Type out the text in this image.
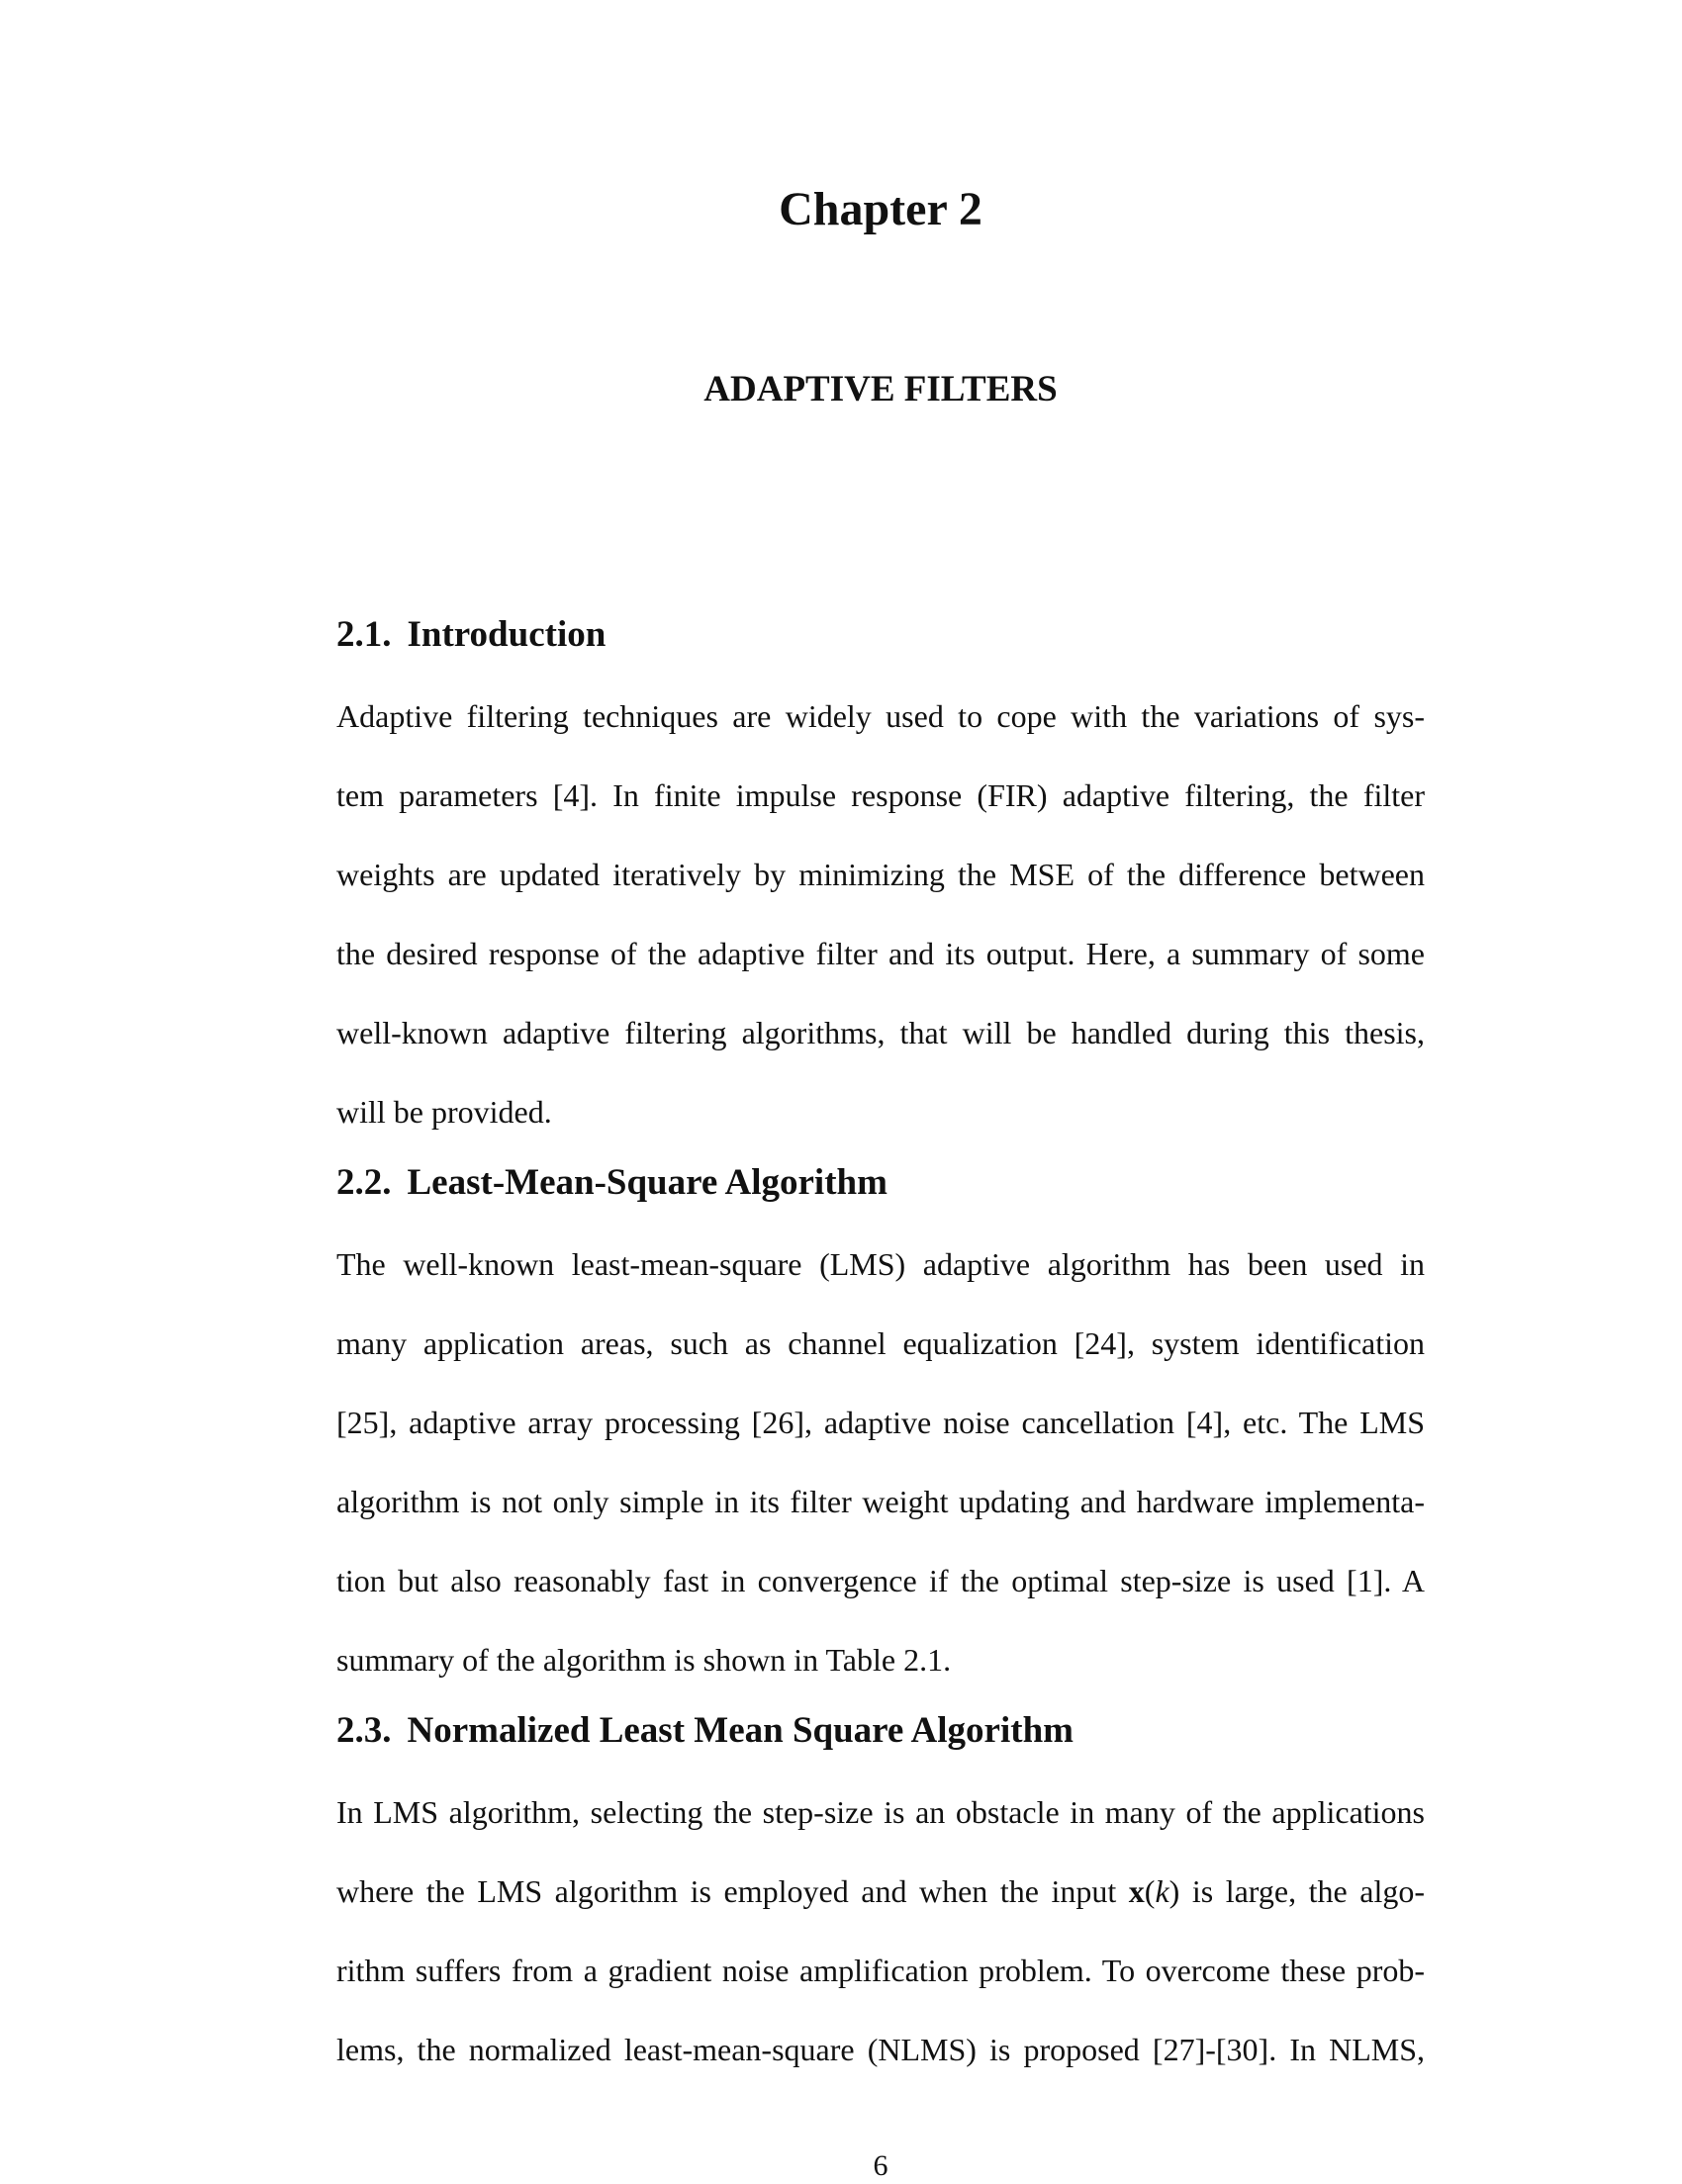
Chapter 2
ADAPTIVE FILTERS
2.1. Introduction
Adaptive filtering techniques are widely used to cope with the variations of sys-
tem parameters [4]. In finite impulse response (FIR) adaptive filtering, the filter
weights are updated iteratively by minimizing the MSE of the difference between
the desired response of the adaptive filter and its output. Here, a summary of some
well-known adaptive filtering algorithms, that will be handled during this thesis,
will be provided.
2.2. Least-Mean-Square Algorithm
The well-known least-mean-square (LMS) adaptive algorithm has been used in
many application areas, such as channel equalization [24], system identification
[25], adaptive array processing [26], adaptive noise cancellation [4], etc. The LMS
algorithm is not only simple in its filter weight updating and hardware implementa-
tion but also reasonably fast in convergence if the optimal step-size is used [1]. A
summary of the algorithm is shown in Table 2.1.
2.3. Normalized Least Mean Square Algorithm
In LMS algorithm, selecting the step-size is an obstacle in many of the applications
where the LMS algorithm is employed and when the input x(k) is large, the algo-
rithm suffers from a gradient noise amplification problem. To overcome these prob-
lems, the normalized least-mean-square (NLMS) is proposed [27]-[30]. In NLMS,
6
